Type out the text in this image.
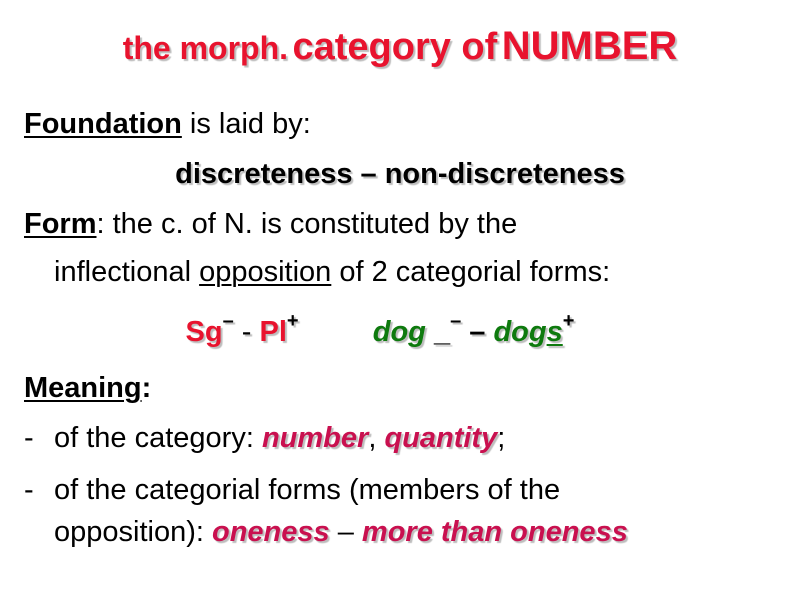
the morph. category of NUMBER
Foundation is laid by:
discreteness – non-discreteness
Form: the c. of N. is constituted by the
inflectional opposition of 2 categorial forms:
Sg– - Pl+	dog _– – dogs+
Meaning:
- of the category: number, quantity;
- of the categorial forms (members of the
opposition): oneness – more than oneness
